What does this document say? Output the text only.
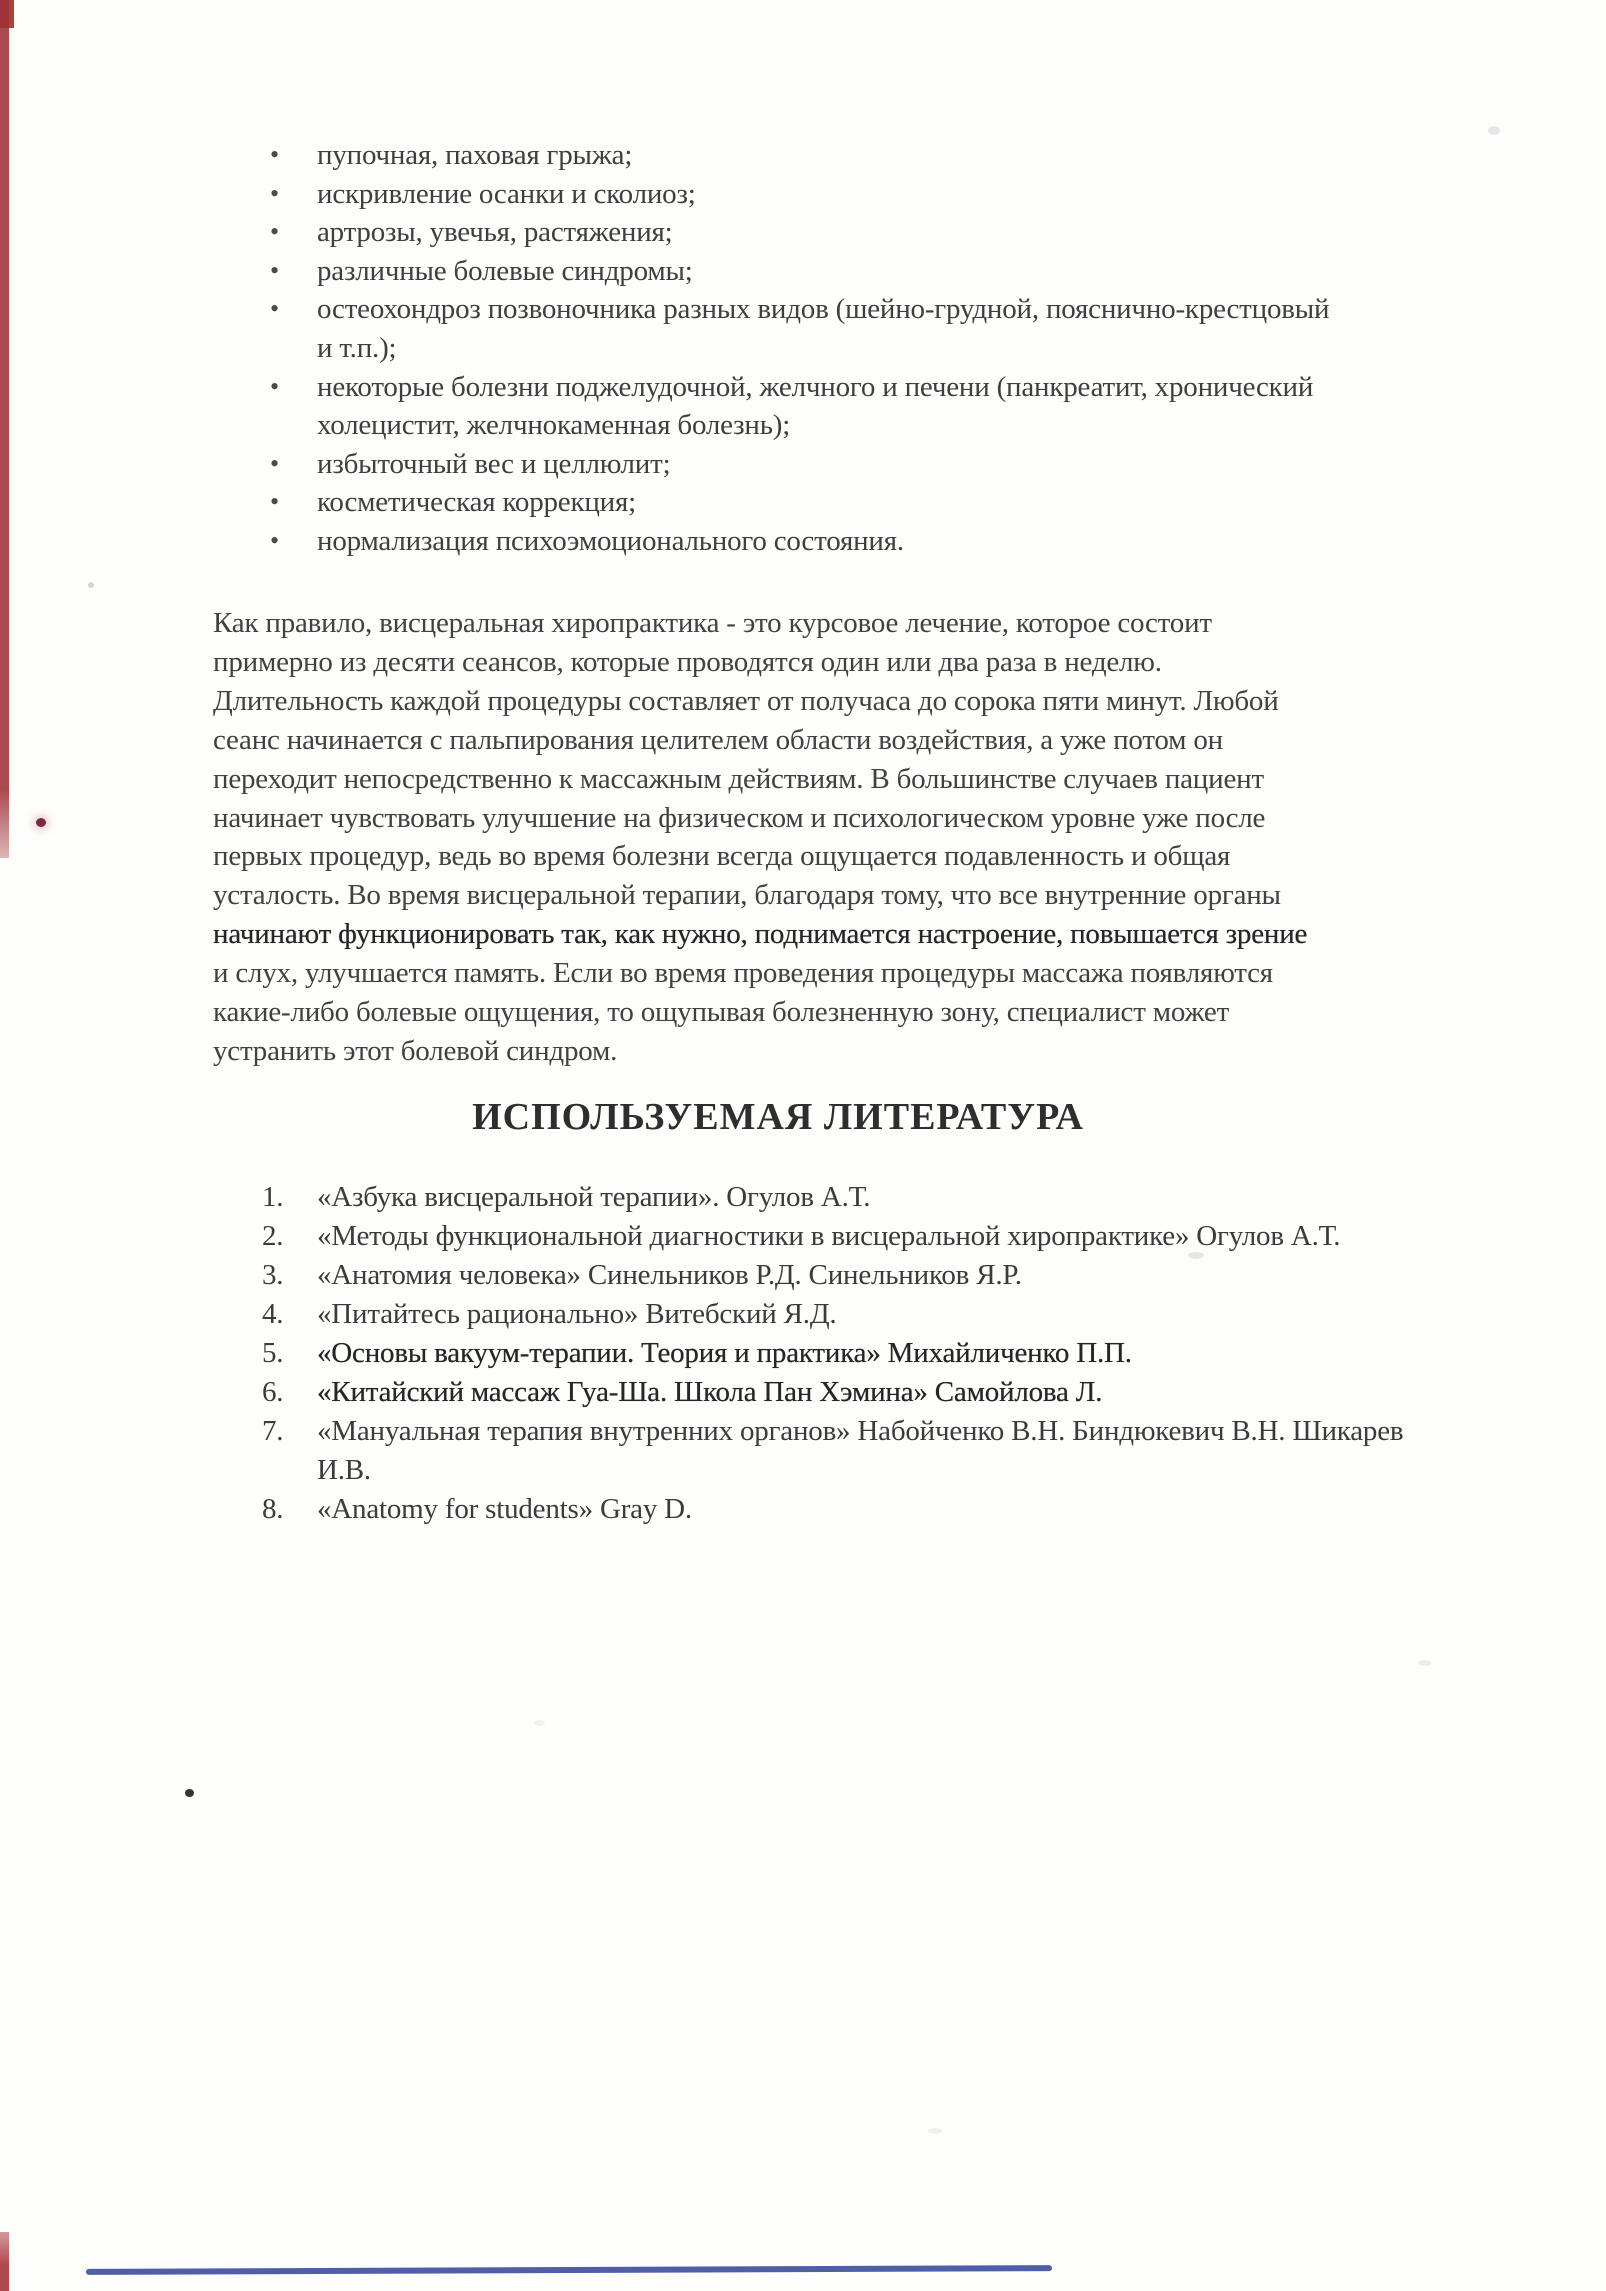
• пупочная, паховая грыжа;
• искривление осанки и сколиоз;
• артрозы, увечья, растяжения;
• различные болевые синдромы;
• остеохондроз позвоночника разных видов (шейно-грудной, пояснично-крестцовый
и т.п.);
• некоторые болезни поджелудочной, желчного и печени (панкреатит, хронический
холецистит, желчнокаменная болезнь);
• избыточный вес и целлюлит;
• косметическая коррекция;
• нормализация психоэмоционального состояния.
Как правило, висцеральная хиропрактика - это курсовое лечение, которое состоит
примерно из десяти сеансов, которые проводятся один или два раза в неделю.
Длительность каждой процедуры составляет от получаса до сорока пяти минут. Любой
сеанс начинается с пальпирования целителем области воздействия, а уже потом он
переходит непосредственно к массажным действиям. В большинстве случаев пациент
начинает чувствовать улучшение на физическом и психологическом уровне уже после
первых процедур, ведь во время болезни всегда ощущается подавленность и общая
усталость. Во время висцеральной терапии, благодаря тому, что все внутренние органы
начинают функционировать так, как нужно, поднимается настроение, повышается зрение
и слух, улучшается память. Если во время проведения процедуры массажа появляются
какие-либо болевые ощущения, то ощупывая болезненную зону, специалист может
устранить этот болевой синдром.
ИСПОЛЬЗУЕМАЯ ЛИТЕРАТУРА
1. «Азбука висцеральной терапии». Огулов А.Т.
2. «Методы функциональной диагностики в висцеральной хиропрактике» Огулов А.Т.
3. «Анатомия человека» Синельников Р.Д. Синельников Я.Р.
4. «Питайтесь рационально» Витебский Я.Д.
5. «Основы вакуум-терапии. Теория и практика» Михайличенко П.П.
6. «Китайский массаж Гуа-Ша. Школа Пан Хэмина» Самойлова Л.
7. «Мануальная терапия внутренних органов» Набойченко В.Н. Биндюкевич В.Н. Шикарев
И.В.
8. «Anatomy for students» Gray D.
